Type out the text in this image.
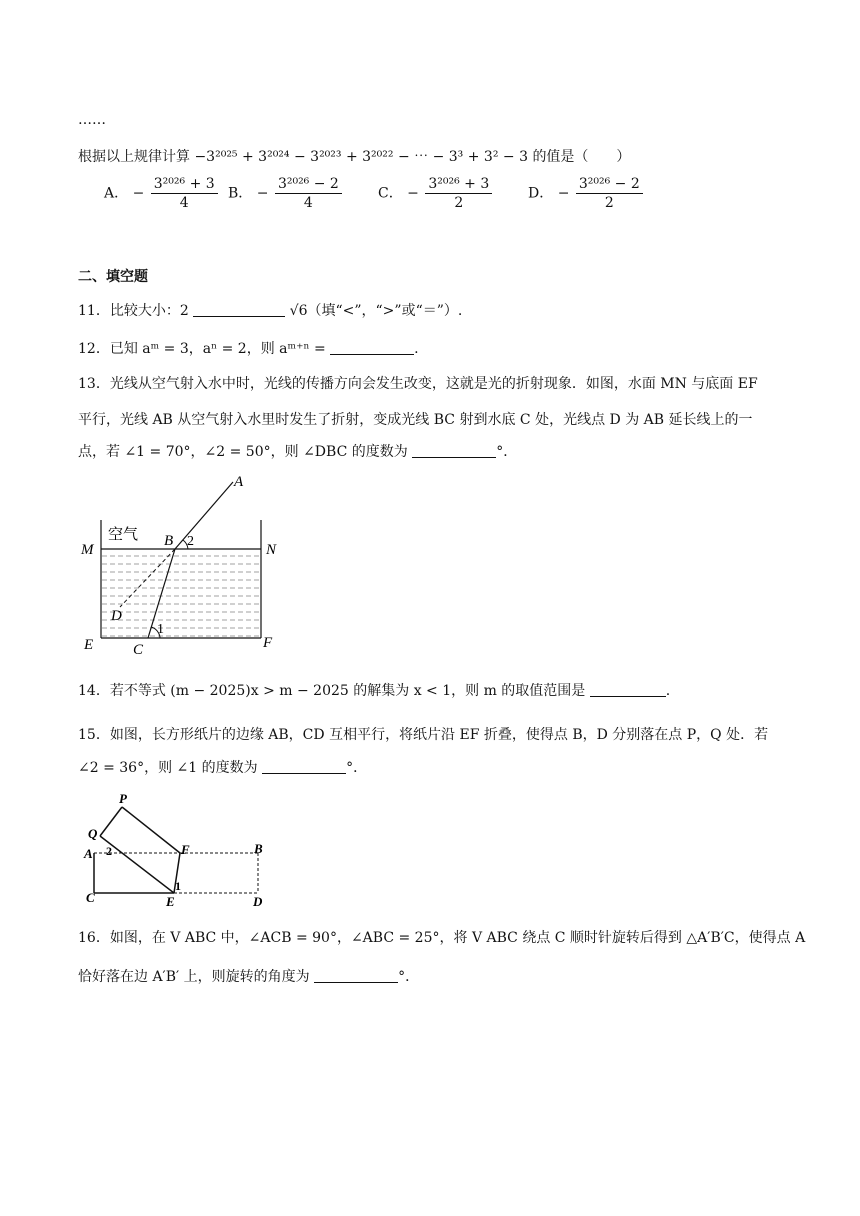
……
根据以上规律计算 −3²⁰²⁵ + 3²⁰²⁴ − 3²⁰²³ + 3²⁰²² − ⋯ − 3³ + 3² − 3 的值是（　　）
A． − $\frac{\text{3²⁰²⁶ + 3}}{4}$ B． − $\frac{\text{3²⁰²⁶ − 2}}{4}$	C． − $\frac{\text{3²⁰²⁶ + 3}}{2}$	D． − $\frac{\text{3²⁰²⁶ − 2}}{2}$
二、填空题
11．比较大小：2	√6（填“<”，“>”或“＝”）.
12．已知 aᵐ = 3，aⁿ = 2，则 aᵐ⁺ⁿ =	.
13．光线从空气射入水中时，光线的传播方向会发生改变，这就是光的折射现象．如图，水面 MN 与底面 EF
平行，光线 AB 从空气射入水里时发生了折射，变成光线 BC 射到水底 C 处，光线点 D 为 AB 延长线上的一
点，若 ∠1 = 70°，∠2 = 50°，则 ∠DBC 的度数为	°．
空气
A
B 2
M	N
D
1
E	C	F
14．若不等式 (m − 2025)x > m − 2025 的解集为 x < 1，则 m 的取值范围是	.
15．如图，长方形纸片的边缘 AB，CD 互相平行，将纸片沿 EF 折叠，使得点 B，D 分别落在点 P，Q 处．若
∠2 = 36°，则 ∠1 的度数为	°．
P
Q
A 2	F	B
C
1
E	D
16．如图，在 V ABC 中，∠ACB = 90°，∠ABC = 25°，将 V ABC 绕点 C 顺时针旋转后得到 △A′B′C，使得点 A
恰好落在边 A′B′ 上，则旋转的角度为	°．
